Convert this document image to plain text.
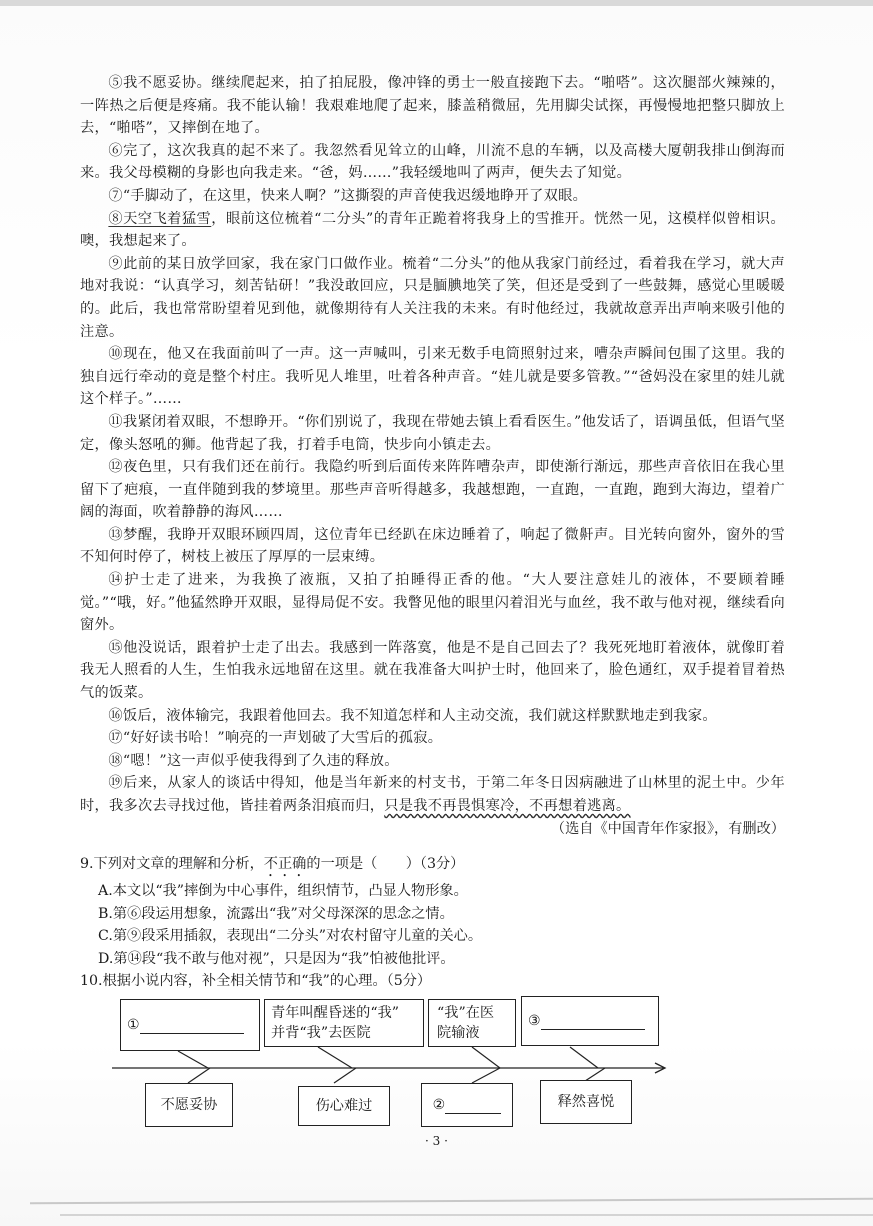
⑤我不愿妥协。继续爬起来，拍了拍屁股，像冲锋的勇士一般直接跑下去。“啪嗒”。这次腿部火辣辣的，一阵热之后便是疼痛。我不能认输！我艰难地爬了起来，膝盖稍微屈，先用脚尖试探，再慢慢地把整只脚放上去，“啪嗒”，又摔倒在地了。

⑥完了，这次我真的起不来了。我忽然看见耸立的山峰，川流不息的车辆，以及高楼大厦朝我排山倒海而来。我父母模糊的身影也向我走来。“爸，妈……”我轻缓地叫了两声，便失去了知觉。

⑦“手脚动了，在这里，快来人啊？”这撕裂的声音使我迟缓地睁开了双眼。

⑧天空飞着猛雪，眼前这位梳着“二分头”的青年正跪着将我身上的雪推开。恍然一见，这模样似曾相识。噢，我想起来了。

⑨此前的某日放学回家，我在家门口做作业。梳着“二分头”的他从我家门前经过，看着我在学习，就大声地对我说：“认真学习，刻苦钻研！”我没敢回应，只是腼腆地笑了笑，但还是受到了一些鼓舞，感觉心里暖暖的。此后，我也常常盼望着见到他，就像期待有人关注我的未来。有时他经过，我就故意弄出声响来吸引他的注意。

⑩现在，他又在我面前叫了一声。这一声喊叫，引来无数手电筒照射过来，嘈杂声瞬间包围了这里。我的独自远行牵动的竟是整个村庄。我听见人堆里，吐着各种声音。“娃儿就是要多管教。”“爸妈没在家里的娃儿就这个样子。”……

⑪我紧闭着双眼，不想睁开。“你们别说了，我现在带她去镇上看看医生。”他发话了，语调虽低，但语气坚定，像头怒吼的狮。他背起了我，打着手电筒，快步向小镇走去。

⑫夜色里，只有我们还在前行。我隐约听到后面传来阵阵嘈杂声，即使渐行渐远，那些声音依旧在我心里留下了疤痕，一直伴随到我的梦境里。那些声音听得越多，我越想跑，一直跑，一直跑，跑到大海边，望着广阔的海面，吹着静静的海风……

⑬梦醒，我睁开双眼环顾四周，这位青年已经趴在床边睡着了，响起了微鼾声。目光转向窗外，窗外的雪不知何时停了，树枝上被压了厚厚的一层束缚。

⑭护士走了进来，为我换了液瓶，又拍了拍睡得正香的他。“大人要注意娃儿的液体，不要顾着睡觉。”“哦，好。”他猛然睁开双眼，显得局促不安。我瞥见他的眼里闪着泪光与血丝，我不敢与他对视，继续看向窗外。

⑮他没说话，跟着护士走了出去。我感到一阵落寞，他是不是自己回去了？我死死地盯着液体，就像盯着我无人照看的人生，生怕我永远地留在这里。就在我准备大叫护士时，他回来了，脸色通红，双手提着冒着热气的饭菜。

⑯饭后，液体输完，我跟着他回去。我不知道怎样和人主动交流，我们就这样默默地走到我家。

⑰“好好读书哈！”响亮的一声划破了大雪后的孤寂。

⑱“嗯！”这一声似乎使我得到了久违的释放。

⑲后来，从家人的谈话中得知，他是当年新来的村支书，于第二年冬日因病融进了山林里的泥土中。少年时，我多次去寻找过他，皆挂着两条泪痕而归，只是我不再畏惧寒冷，不再想着逃离。

（选自《中国青年作家报》，有删改）

9.下列对文章的理解和分析，不正确的一项是（　　）（3分）

A.本文以“我”摔倒为中心事件，组织情节，凸显人物形象。

B.第⑥段运用想象，流露出“我”对父母深深的思念之情。

C.第⑨段采用插叙，表现出“二分头”对农村留守儿童的关心。

D.第⑭段“我不敢与他对视”，只是因为“我”怕被他批评。

10.根据小说内容，补全相关情节和“我”的心理。（5分）

①
青年叫醒昏迷的“我”
并背“我”去医院
“我”在医
院输液
③
不愿妥协	伤心难过	②	释然喜悦
· 3 ·
